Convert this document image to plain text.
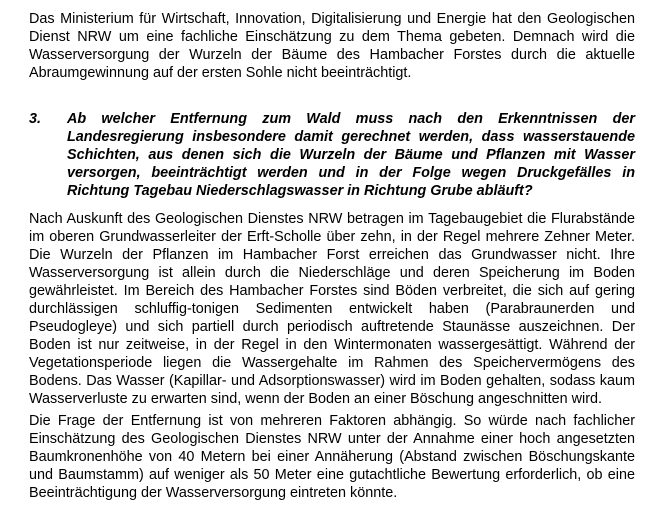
Das Ministerium für Wirtschaft, Innovation, Digitalisierung und Energie hat den Geologischen Dienst NRW um eine fachliche Einschätzung zu dem Thema gebeten. Demnach wird die Wasserversorgung der Wurzeln der Bäume des Hambacher Forstes durch die aktuelle Abraumgewinnung auf der ersten Sohle nicht beeinträchtigt.

3. Ab welcher Entfernung zum Wald muss nach den Erkenntnissen der Landesregierung insbesondere damit gerechnet werden, dass wasserstauende Schichten, aus denen sich die Wurzeln der Bäume und Pflanzen mit Wasser versorgen, beeinträchtigt werden und in der Folge wegen Druckgefälles in Richtung Tagebau Niederschlagswasser in Richtung Grube abläuft?

Nach Auskunft des Geologischen Dienstes NRW betragen im Tagebaugebiet die Flurabstände im oberen Grundwasserleiter der Erft-Scholle über zehn, in der Regel mehrere Zehner Meter. Die Wurzeln der Pflanzen im Hambacher Forst erreichen das Grundwasser nicht. Ihre Wasserversorgung ist allein durch die Niederschläge und deren Speicherung im Boden gewährleistet. Im Bereich des Hambacher Forstes sind Böden verbreitet, die sich auf gering durchlässigen schluffig-tonigen Sedimenten entwickelt haben (Parabraunerden und Pseudogleye) und sich partiell durch periodisch auftretende Staunässe auszeichnen. Der Boden ist nur zeitweise, in der Regel in den Wintermonaten wassergesättigt. Während der Vegetationsperiode liegen die Wassergehalte im Rahmen des Speichervermögens des Bodens. Das Wasser (Kapillar- und Adsorptionswasser) wird im Boden gehalten, sodass kaum Wasserverluste zu erwarten sind, wenn der Boden an einer Böschung angeschnitten wird.

Die Frage der Entfernung ist von mehreren Faktoren abhängig. So würde nach fachlicher Einschätzung des Geologischen Dienstes NRW unter der Annahme einer hoch angesetzten Baumkronenhöhe von 40 Metern bei einer Annäherung (Abstand zwischen Böschungskante und Baumstamm) auf weniger als 50 Meter eine gutachtliche Bewertung erforderlich, ob eine Beeinträchtigung der Wasserversorgung eintreten könnte.
